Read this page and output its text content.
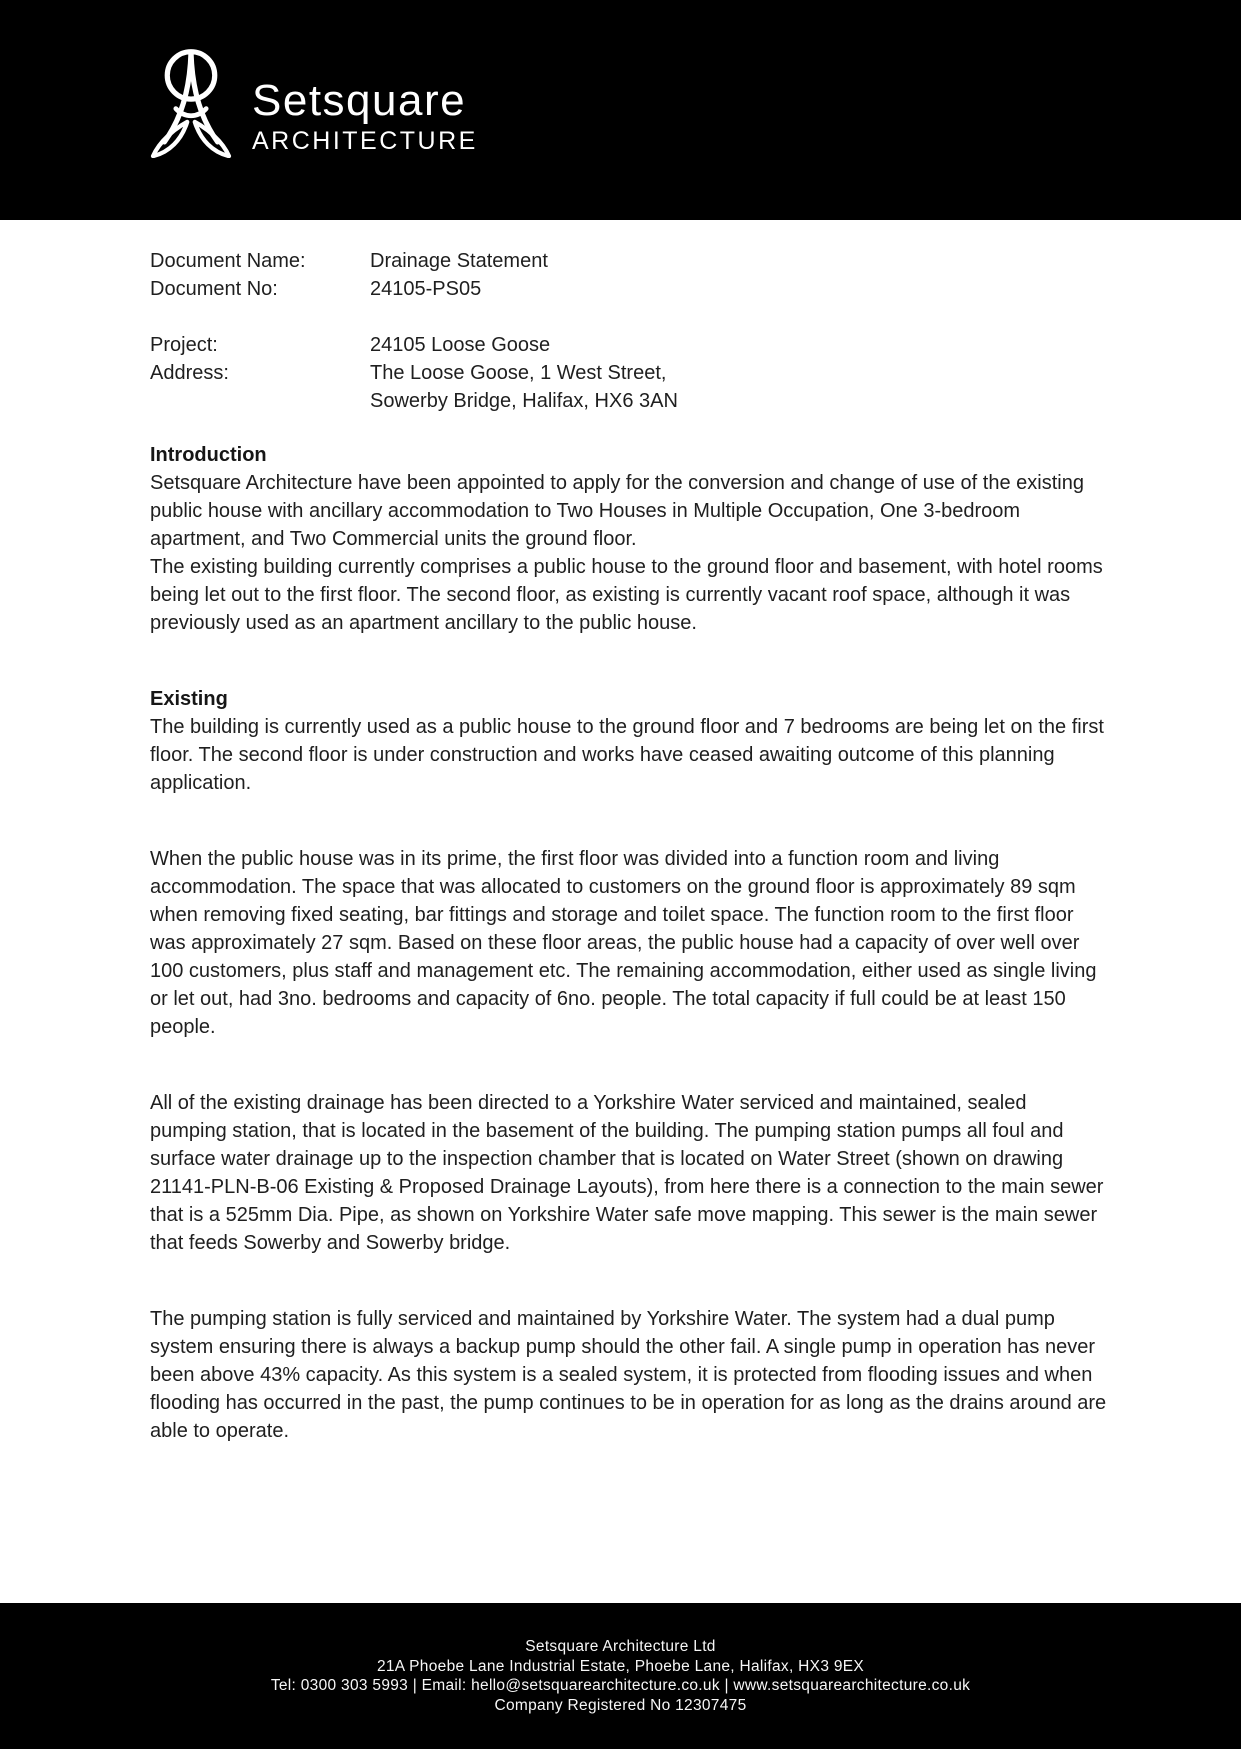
Setsquare
ARCHITECTURE
Document Name:	Drainage Statement
Document No:	24105-PS05
Project:	24105 Loose Goose
Address:	The Loose Goose, 1 West Street,
Sowerby Bridge, Halifax, HX6 3AN
Introduction

Setsquare Architecture have been appointed to apply for the conversion and change of use of the existing public house with ancillary accommodation to Two Houses in Multiple Occupation, One 3-bedroom apartment, and Two Commercial units the ground floor.

The existing building currently comprises a public house to the ground floor and basement, with hotel rooms being let out to the first floor. The second floor, as existing is currently vacant roof space, although it was previously used as an apartment ancillary to the public house.

Existing

The building is currently used as a public house to the ground floor and 7 bedrooms are being let on the first floor. The second floor is under construction and works have ceased awaiting outcome of this planning application.

When the public house was in its prime, the first floor was divided into a function room and living accommodation. The space that was allocated to customers on the ground floor is approximately 89 sqm when removing fixed seating, bar fittings and storage and toilet space. The function room to the first floor was approximately 27 sqm. Based on these floor areas, the public house had a capacity of over well over 100 customers, plus staff and management etc. The remaining accommodation, either used as single living or let out, had 3no. bedrooms and capacity of 6no. people. The total capacity if full could be at least 150 people.

All of the existing drainage has been directed to a Yorkshire Water serviced and maintained, sealed pumping station, that is located in the basement of the building. The pumping station pumps all foul and surface water drainage up to the inspection chamber that is located on Water Street (shown on drawing 21141-PLN-B-06 Existing & Proposed Drainage Layouts), from here there is a connection to the main sewer that is a 525mm Dia. Pipe, as shown on Yorkshire Water safe move mapping. This sewer is the main sewer that feeds Sowerby and Sowerby bridge.

The pumping station is fully serviced and maintained by Yorkshire Water. The system had a dual pump system ensuring there is always a backup pump should the other fail. A single pump in operation has never been above 43% capacity. As this system is a sealed system, it is protected from flooding issues and when flooding has occurred in the past, the pump continues to be in operation for as long as the drains around are able to operate.

Setsquare Architecture Ltd
21A Phoebe Lane Industrial Estate, Phoebe Lane, Halifax, HX3 9EX
Tel: 0300 303 5993 | Email: hello@setsquarearchitecture.co.uk | www.setsquarearchitecture.co.uk
Company Registered No 12307475
